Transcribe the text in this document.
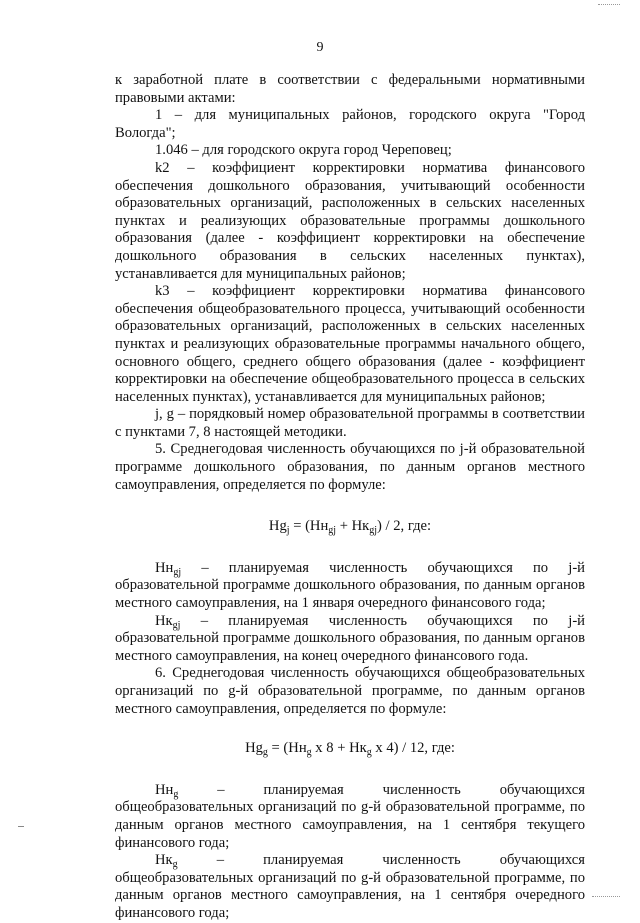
9

к заработной плате в соответствии с федеральными нормативными правовыми актами:

1 – для муниципальных районов, городского округа "Город Вологда";

1.046 – для городского округа город Череповец;

k2 – коэффициент корректировки норматива финансового обеспечения дошкольного образования, учитывающий особенности образовательных организаций, расположенных в сельских населенных пунктах и реализующих образовательные программы дошкольного образования (далее - коэффициент корректировки на обеспечение дошкольного образования в сельских населенных пунктах), устанавливается для муниципальных районов;

k3 – коэффициент корректировки норматива финансового обеспечения общеобразовательного процесса, учитывающий особенности образовательных организаций, расположенных в сельских населенных пунктах и реализующих образовательные программы начального общего, основного общего, среднего общего образования (далее - коэффициент корректировки на обеспечение общеобразовательного процесса в сельских населенных пунктах), устанавливается для муниципальных районов;

j, g – порядковый номер образовательной программы в соответствии с пунктами 7, 8 настоящей методики.

5. Среднегодовая численность обучающихся по j-й образовательной программе дошкольного образования, по данным органов местного самоуправления, определяется по формуле:

$Нg_j = (Нн_{gj} + Нк_{gj}) / 2$, где:

$Нн_{gj}$ – планируемая численность обучающихся по j-й образовательной программе дошкольного образования, по данным органов местного самоуправления, на 1 января очередного финансового года;

$Нк_{gj}$ – планируемая численность обучающихся по j-й образовательной программе дошкольного образования, по данным органов местного самоуправления, на конец очередного финансового года.

6. Среднегодовая численность обучающихся общеобразовательных организаций по g-й образовательной программе, по данным органов местного самоуправления, определяется по формуле:

$Нg_g = (Нн_g$ x $8 + Нк_g$ x 4) / 12, где:

$Нн_g$ – планируемая численность обучающихся общеобразовательных организаций по g-й образовательной программе, по данным органов местного самоуправления, на 1 сентября текущего финансового года;

$Нк_g$ – планируемая численность обучающихся общеобразовательных организаций по g-й образовательной программе, по данным органов местного самоуправления, на 1 сентября очередного финансового года;
